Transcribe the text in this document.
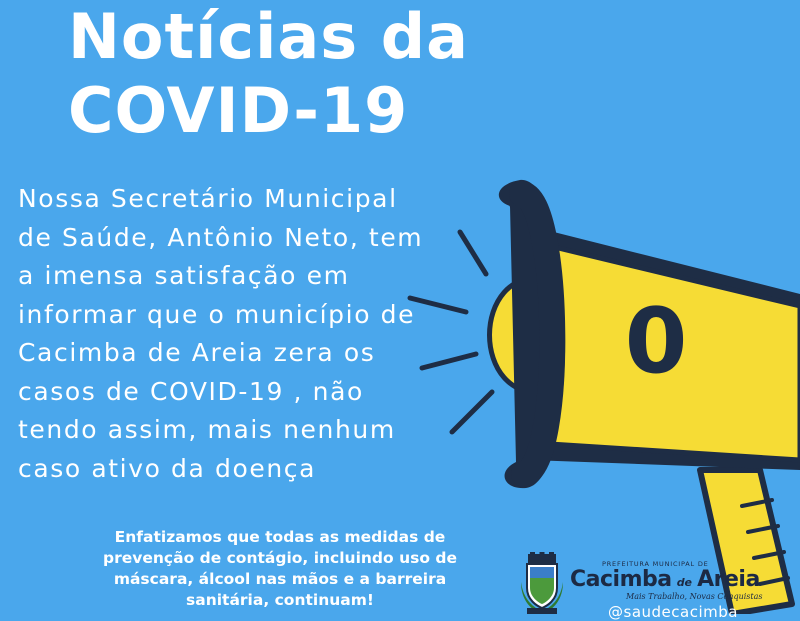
Notícias da
COVID-19
Nossa Secretário Municipal
de Saúde, Antônio Neto, tem
a imensa satisfação em
informar que o município de
Cacimba de Areia zera os
casos de COVID-19 , não
tendo assim, mais nenhum
caso ativo da doença
0
Enfatizamos que todas as medidas de
prevenção de contágio, incluindo uso de
máscara, álcool nas mãos e a barreira
sanitária, continuam!
PREFEITURA MUNICIPAL DE
Cacimba de Areia
Mais Trabalho, Novas Conquistas
@saudecacimba
